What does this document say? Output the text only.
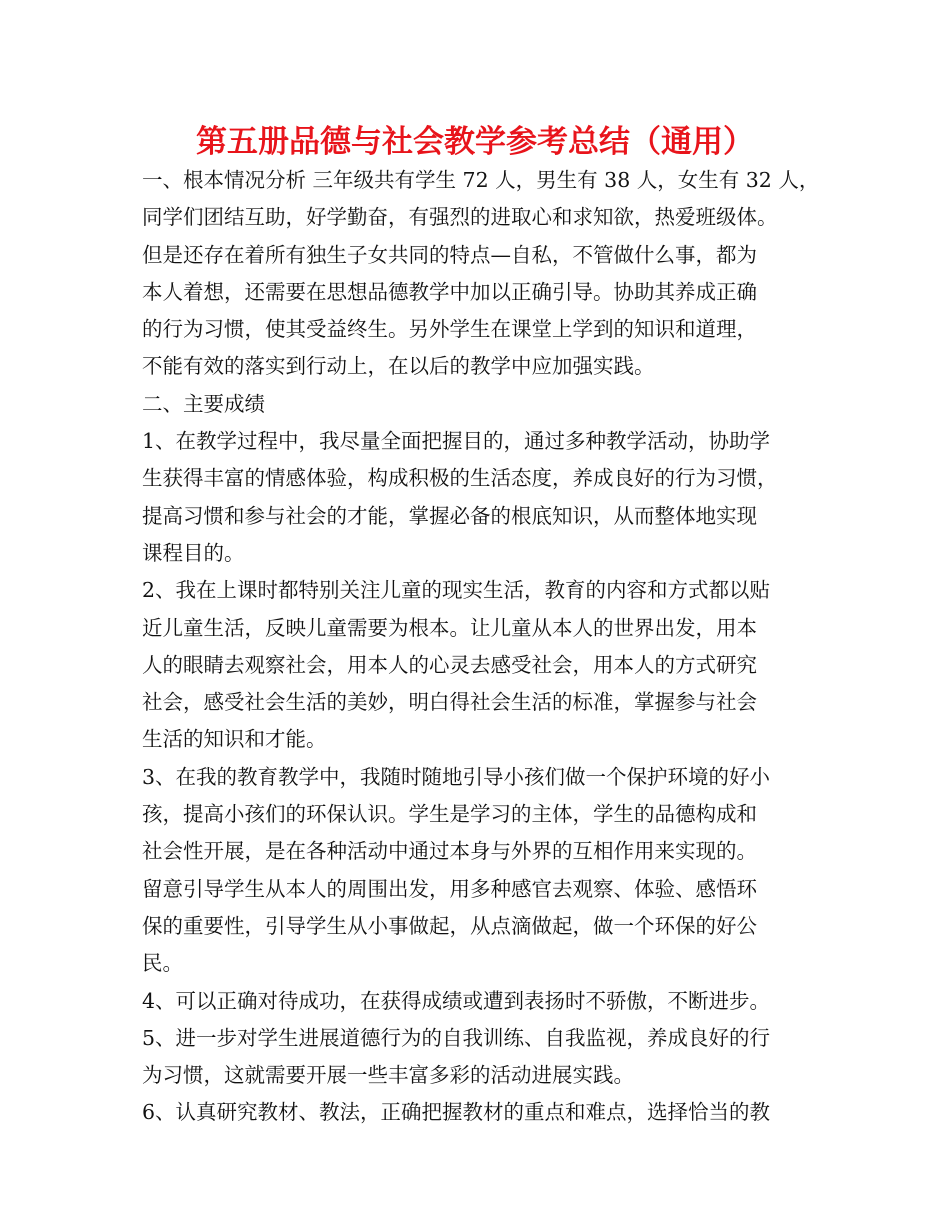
第五册品德与社会教学参考总结（通用）
一、根本情况分析 三年级共有学生 72 人，男生有 38 人，女生有 32 人，
同学们团结互助，好学勤奋，有强烈的进取心和求知欲，热爱班级体。
但是还存在着所有独生子女共同的特点—自私，不管做什么事，都为
本人着想，还需要在思想品德教学中加以正确引导。协助其养成正确
的行为习惯，使其受益终生。另外学生在课堂上学到的知识和道理，
不能有效的落实到行动上，在以后的教学中应加强实践。
二、主要成绩
1、在教学过程中，我尽量全面把握目的，通过多种教学活动，协助学
生获得丰富的情感体验，构成积极的生活态度，养成良好的行为习惯，
提高习惯和参与社会的才能，掌握必备的根底知识，从而整体地实现
课程目的。
2、我在上课时都特别关注儿童的现实生活，教育的内容和方式都以贴
近儿童生活，反映儿童需要为根本。让儿童从本人的世界出发，用本
人的眼睛去观察社会，用本人的心灵去感受社会，用本人的方式研究
社会，感受社会生活的美妙，明白得社会生活的标准，掌握参与社会
生活的知识和才能。
3、在我的教育教学中，我随时随地引导小孩们做一个保护环境的好小
孩，提高小孩们的环保认识。学生是学习的主体，学生的品德构成和
社会性开展，是在各种活动中通过本身与外界的互相作用来实现的。
留意引导学生从本人的周围出发，用多种感官去观察、体验、感悟环
保的重要性，引导学生从小事做起，从点滴做起，做一个环保的好公
民。
4、可以正确对待成功，在获得成绩或遭到表扬时不骄傲，不断进步。
5、进一步对学生进展道德行为的自我训练、自我监视，养成良好的行
为习惯，这就需要开展一些丰富多彩的活动进展实践。
6、认真研究教材、教法，正确把握教材的重点和难点，选择恰当的教
